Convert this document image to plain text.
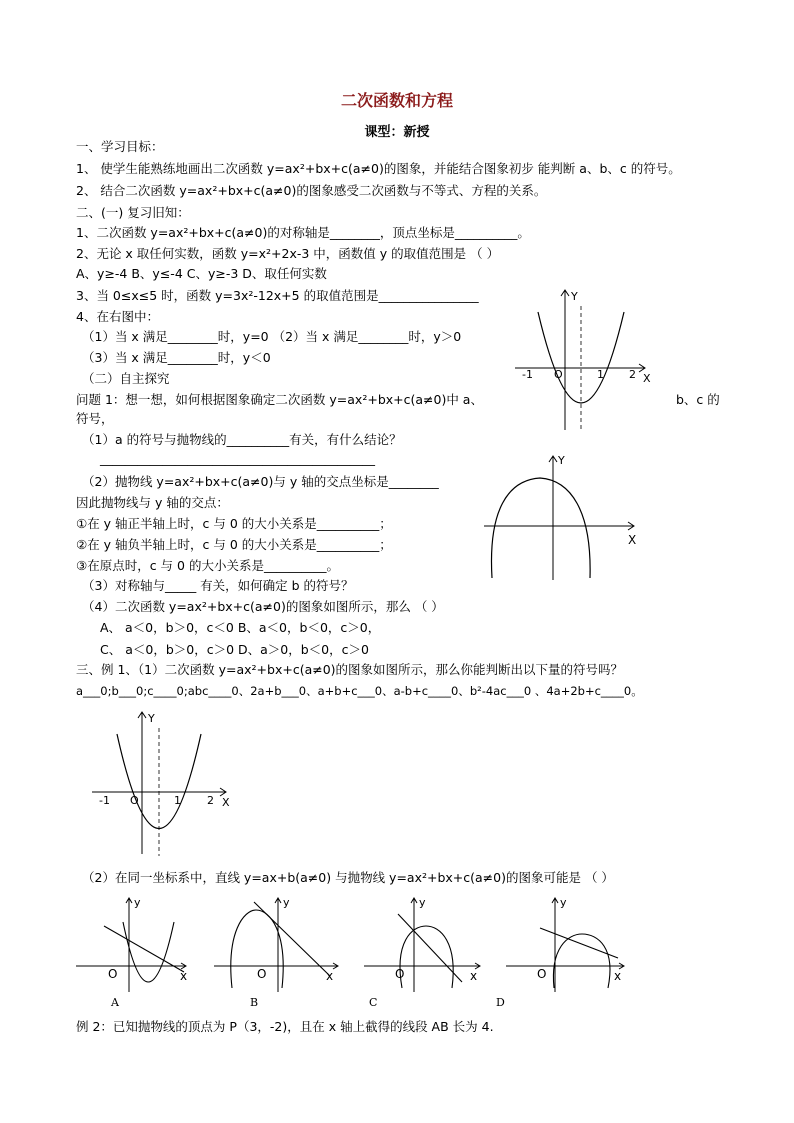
二次函数和方程
课型：新授
一、学习目标：
1、 使学生能熟练地画出二次函数 y=ax²+bx+c(a≠0)的图象，并能结合图象初步 能判断 a、b、c 的符号。
2、 结合二次函数 y=ax²+bx+c(a≠0)的图象感受二次函数与不等式、方程的关系。
二、(一) 复习旧知：
1、二次函数 y=ax²+bx+c(a≠0)的对称轴是________，顶点坐标是__________。
2、无论 x 取任何实数，函数 y=x²+2x-3 中，函数值 y 的取值范围是 （ ）
A、y≥-4 B、y≤-4 C、y≥-3 D、取任何实数
3、当 0≤x≤5 时，函数 y=3x²-12x+5 的取值范围是________________
4、在右图中：
（1）当 x 满足________时，y=0 （2）当 x 满足________时，y＞0
（3）当 x 满足________时，y＜0
（二）自主探究
问题 1：想一想，如何根据图象确定二次函数 y=ax²+bx+c(a≠0)中 a、	b、c 的
符号，
（1）a 的符号与抛物线的__________有关，有什么结论？
____________________________________________
（2）抛物线 y=ax²+bx+c(a≠0)与 y 轴的交点坐标是________
因此抛物线与 y 轴的交点：
①在 y 轴正半轴上时，c 与 0 的大小关系是__________；
②在 y 轴负半轴上时，c 与 0 的大小关系是__________；
③在原点时，c 与 0 的大小关系是__________。
（3）对称轴与_____ 有关，如何确定 b 的符号？
（4）二次函数 y=ax²+bx+c(a≠0)的图象如图所示，那么 （ ）
A、 a＜0，b＞0，c＜0 B、a＜0，b＜0，c＞0，
C、 a＜0，b＞0，c＞0 D、a＞0，b＜0，c＞0
三、例 1、（1）二次函数 y=ax²+bx+c(a≠0)的图象如图所示，那么你能判断出以下量的符号吗？
a___0;b___0;c____0;abc____0、2a+b___0、a+b+c___0、a-b+c____0、b²-4ac___0 、4a+2b+c____0。
（2）在同一坐标系中，直线 y=ax+b(a≠0) 与抛物线 y=ax²+bx+c(a≠0)的图象可能是 （ ）
例 2：已知抛物线的顶点为 P（3，-2)，且在 x 轴上截得的线段 AB 长为 4.
Y
X
-1 O	1 2
Y
X
Y
X
-1 O	1 2
y
O	x
A
y
O	x
B
y
O	x
C
y
O	x
D
